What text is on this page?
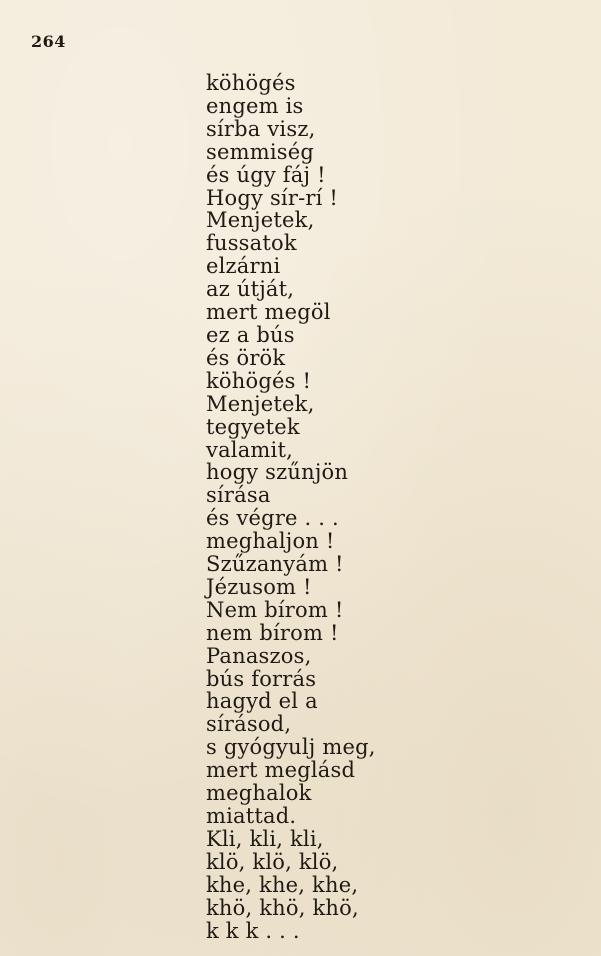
264
köhögés
engem is
sírba visz,
semmiség
és úgy fáj !
Hogy sír-rí !
Menjetek,
fussatok
elzárni
az útját,
mert megöl
ez a bús
és örök
köhögés !
Menjetek,
tegyetek
valamit,
hogy szűnjön
sírása
és végre . . .
meghaljon !
Szűzanyám !
Jézusom !
Nem bírom !
nem bírom !
Panaszos,
bús forrás
hagyd el a
sírásod,
s gyógyulj meg,
mert meglásd
meghalok
miattad.
Kli, kli, kli,
klö, klö, klö,
khe, khe, khe,
khö, khö, khö,
k k k . . .
